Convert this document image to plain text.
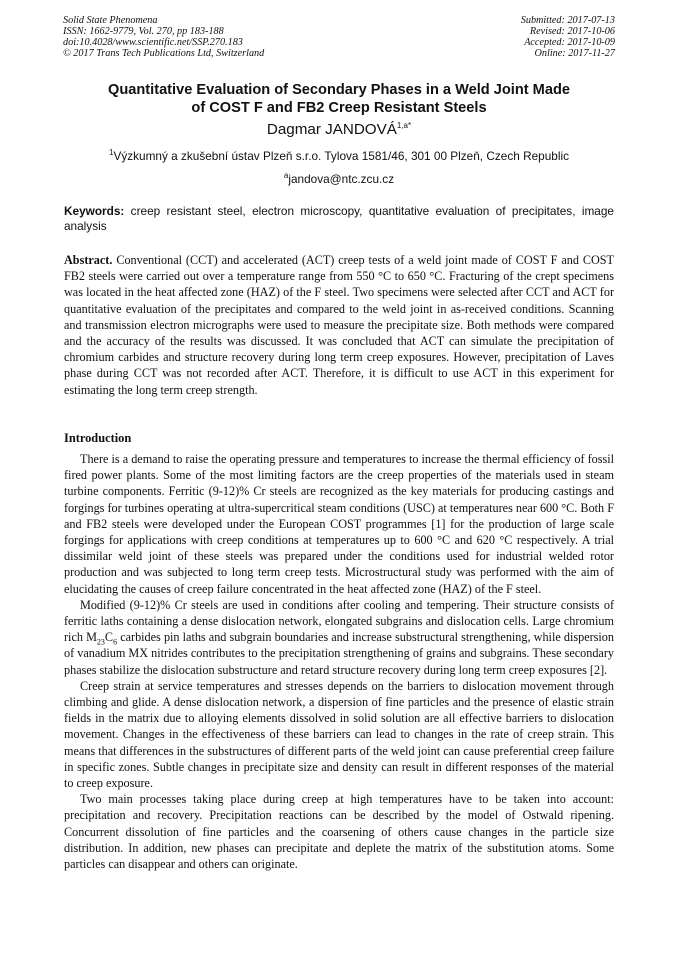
Solid State Phenomena
ISSN: 1662-9779, Vol. 270, pp 183-188
doi:10.4028/www.scientific.net/SSP.270.183
© 2017 Trans Tech Publications Ltd, Switzerland
Submitted: 2017-07-13
Revised: 2017-10-06
Accepted: 2017-10-09
Online: 2017-11-27
Quantitative Evaluation of Secondary Phases in a Weld Joint Made
of COST F and FB2 Creep Resistant Steels
Dagmar $JANDOVÁ^{1,a*}$
$^1$Výzkumný a zkušební ústav Plzeň s.r.o. Tylova 1581/46, 301 00 Plzeň, Czech Republic
$^a$jandova@ntc.zcu.cz
Keywords: creep resistant steel, electron microscopy, quantitative evaluation of precipitates, image analysis
Abstract. Conventional (CCT) and accelerated (ACT) creep tests of a weld joint made of COST F and COST FB2 steels were carried out over a temperature range from 550 °C to 650 °C. Fracturing of the crept specimens was located in the heat affected zone (HAZ) of the F steel. Two specimens were selected after CCT and ACT for quantitative evaluation of the precipitates and compared to the weld joint in as-received conditions. Scanning and transmission electron micrographs were used to measure the precipitate size. Both methods were compared and the accuracy of the results was discussed. It was concluded that ACT can simulate the precipitation of chromium carbides and structure recovery during long term creep exposures. However, precipitation of Laves phase during CCT was not recorded after ACT. Therefore, it is difficult to use ACT in this experiment for estimating the long term creep strength.
Introduction

There is a demand to raise the operating pressure and temperatures to increase the thermal efficiency of fossil fired power plants. Some of the most limiting factors are the creep properties of the materials used in steam turbine components. Ferritic (9-12)% Cr steels are recognized as the key materials for producing castings and forgings for turbines operating at ultra-supercritical steam conditions (USC) at temperatures near 600 °C. Both F and FB2 steels were developed under the European COST programmes [1] for the production of large scale forgings for applications with creep conditions at temperatures up to 600 °C and 620 °C respectively. A trial dissimilar weld joint of these steels was prepared under the conditions used for industrial welded rotor production and was subjected to long term creep tests. Microstructural study was performed with the aim of elucidating the causes of creep failure concentrated in the heat affected zone (HAZ) of the F steel.

Modified (9-12)% Cr steels are used in conditions after cooling and tempering. Their structure consists of ferritic laths containing a dense dislocation network, elongated subgrains and dislocation cells. Large chromium rich $M_{23}C_6$ carbides pin laths and subgrain boundaries and increase substructural strengthening, while dispersion of vanadium MX nitrides contributes to the precipitation strengthening of grains and subgrains. These secondary phases stabilize the dislocation substructure and retard structure recovery during long term creep exposures [2].

Creep strain at service temperatures and stresses depends on the barriers to dislocation movement through climbing and glide. A dense dislocation network, a dispersion of fine particles and the presence of elastic strain fields in the matrix due to alloying elements dissolved in solid solution are all effective barriers to dislocation movement. Changes in the effectiveness of these barriers can lead to changes in the rate of creep strain. This means that differences in the substructures of different parts of the weld joint can cause preferential creep failure in specific zones. Subtle changes in precipitate size and density can result in different responses of the material to creep exposure.

Two main processes taking place during creep at high temperatures have to be taken into account: precipitation and recovery. Precipitation reactions can be described by the model of Ostwald ripening. Concurrent dissolution of fine particles and the coarsening of others cause changes in the particle size distribution. In addition, new phases can precipitate and deplete the matrix of the substitution atoms. Some particles can disappear and others can originate.
